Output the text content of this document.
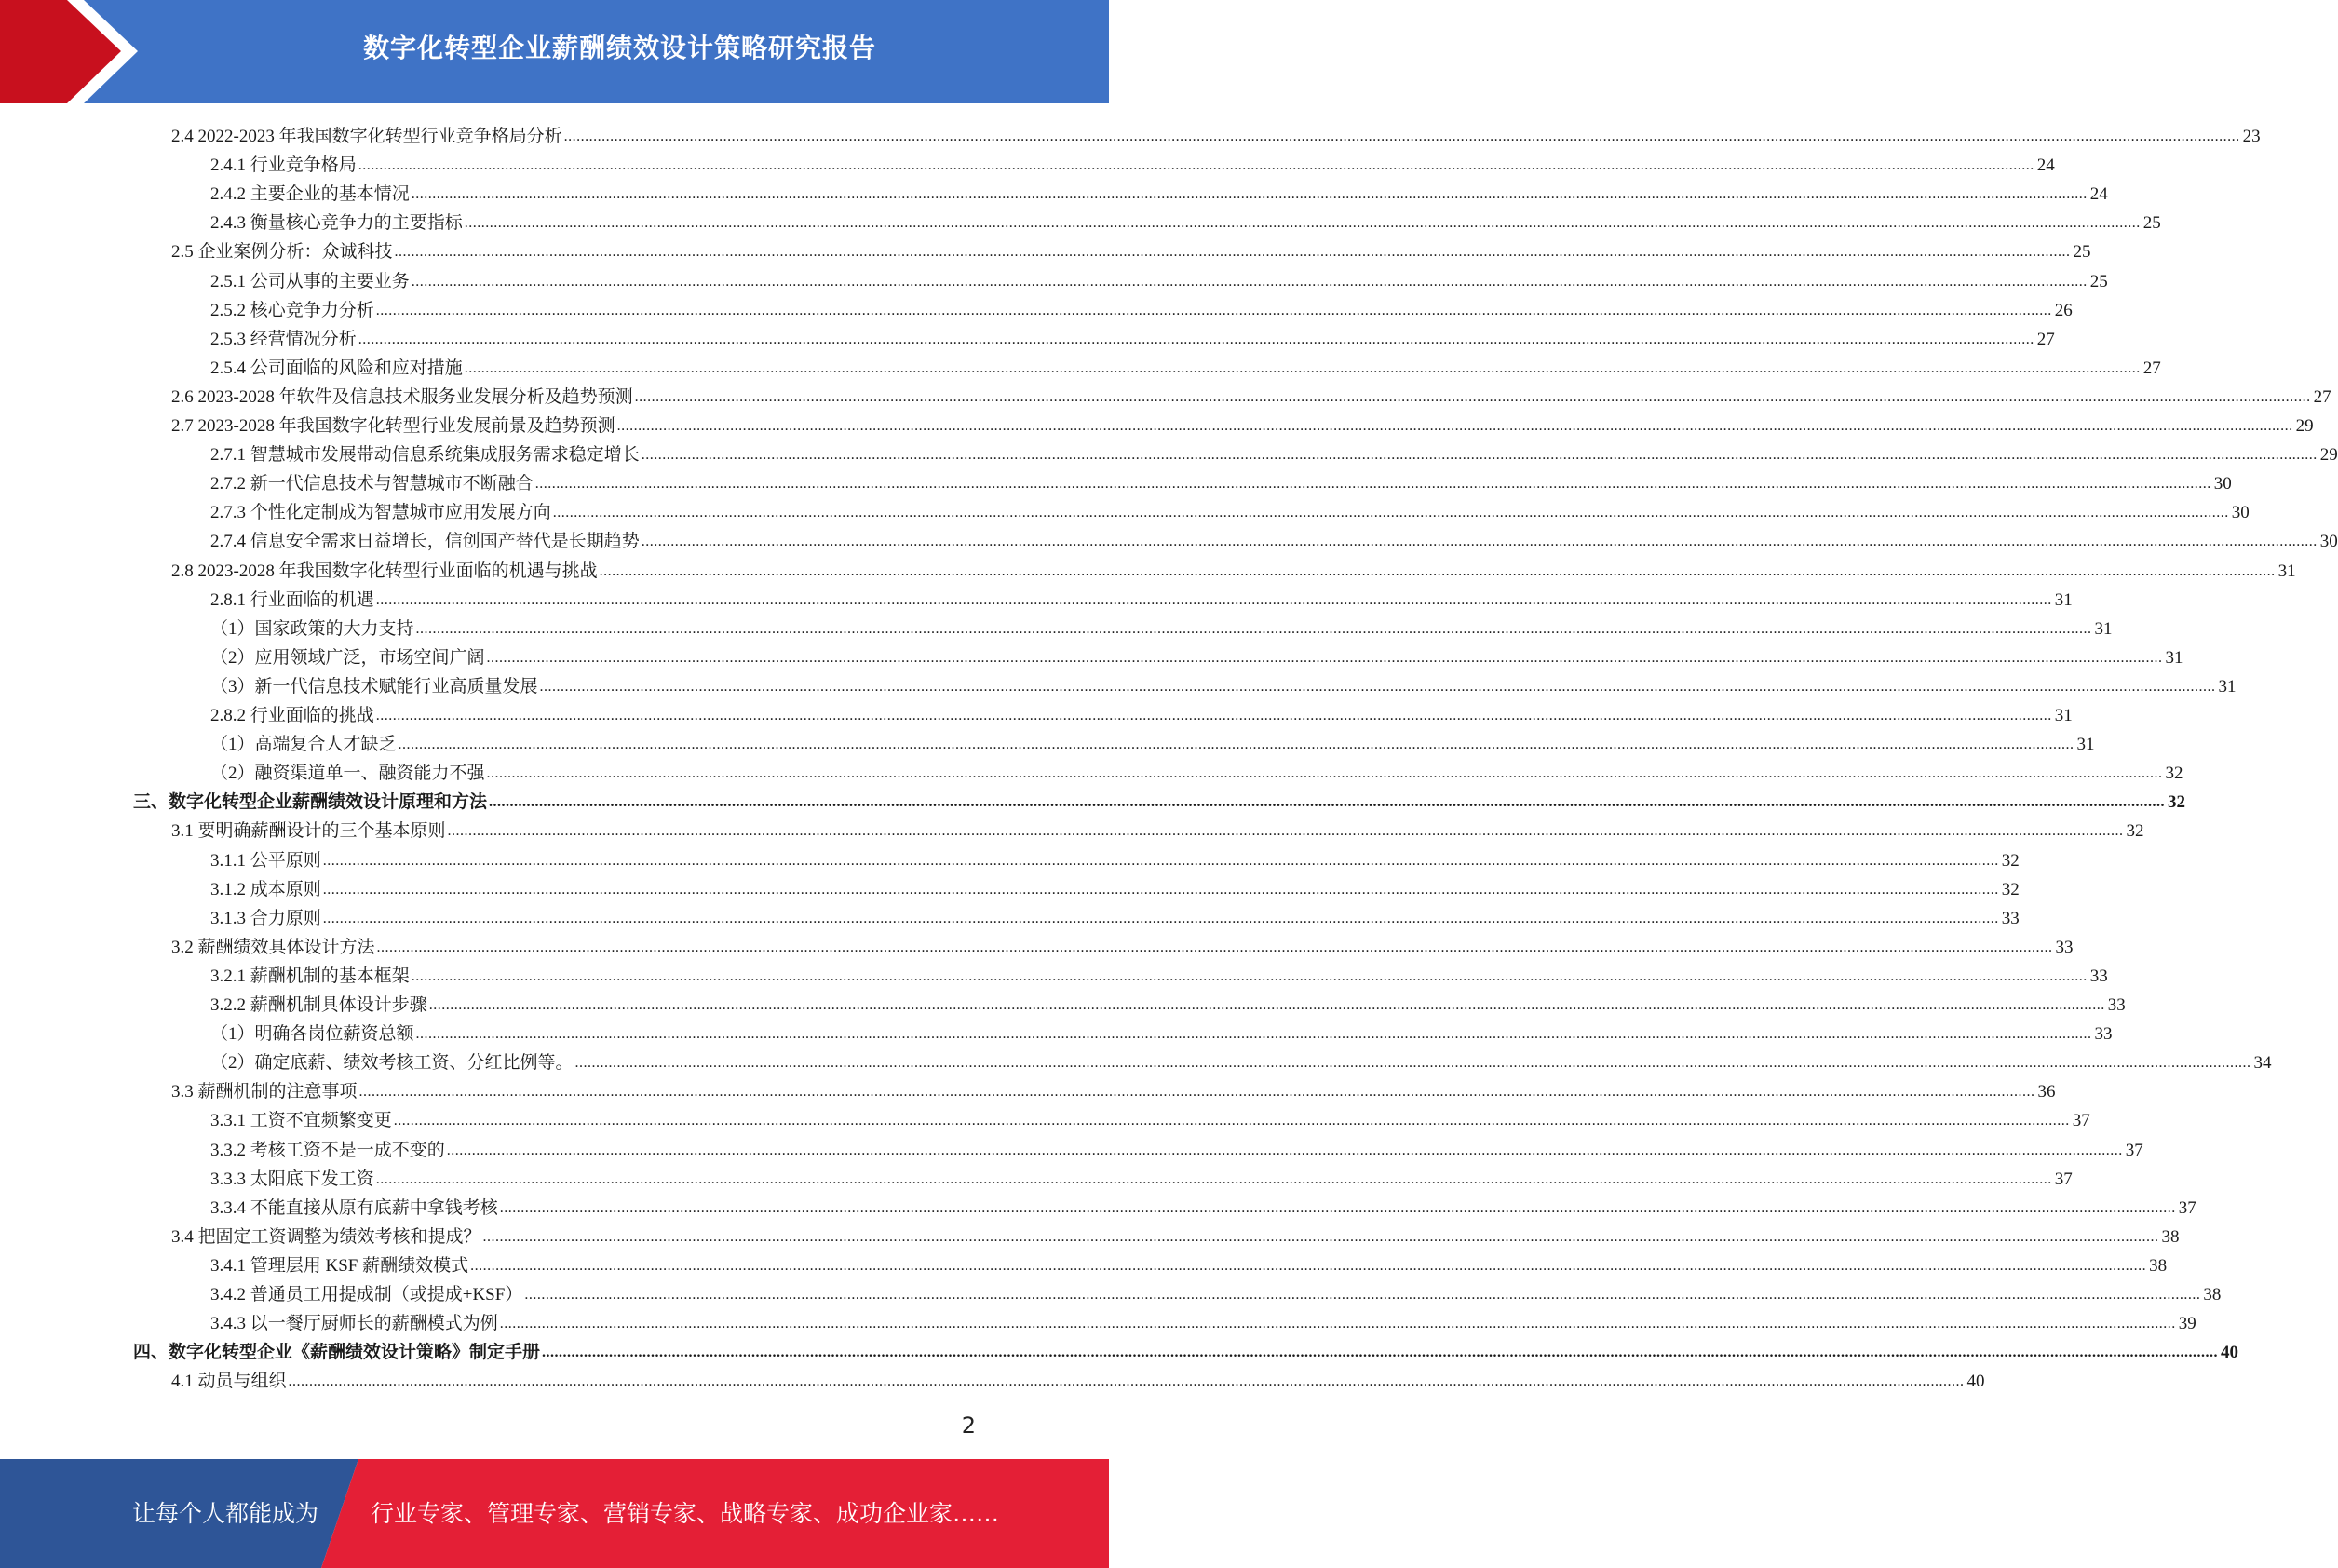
数字化转型企业薪酬绩效设计策略研究报告
2.4 2022-2023 年我国数字化转型行业竞争格局分析 ................................................................................................................................................................................................................................................................................................................................................................................................................ 23
2.4.1 行业竞争格局 ................................................................................................................................................................................................................................................................................................................................................................................................................ 24
2.4.2 主要企业的基本情况 ................................................................................................................................................................................................................................................................................................................................................................................................................ 24
2.4.3 衡量核心竞争力的主要指标 ................................................................................................................................................................................................................................................................................................................................................................................................................ 25
2.5 企业案例分析：众诚科技 ................................................................................................................................................................................................................................................................................................................................................................................................................ 25
2.5.1 公司从事的主要业务 ................................................................................................................................................................................................................................................................................................................................................................................................................ 25
2.5.2 核心竞争力分析 ................................................................................................................................................................................................................................................................................................................................................................................................................ 26
2.5.3 经营情况分析 ................................................................................................................................................................................................................................................................................................................................................................................................................ 27
2.5.4 公司面临的风险和应对措施 ................................................................................................................................................................................................................................................................................................................................................................................................................ 27
2.6 2023-2028 年软件及信息技术服务业发展分析及趋势预测 ................................................................................................................................................................................................................................................................................................................................................................................................................ 27
2.7 2023-2028 年我国数字化转型行业发展前景及趋势预测 ................................................................................................................................................................................................................................................................................................................................................................................................................ 29
2.7.1 智慧城市发展带动信息系统集成服务需求稳定增长 ................................................................................................................................................................................................................................................................................................................................................................................................................ 29
2.7.2 新一代信息技术与智慧城市不断融合 ................................................................................................................................................................................................................................................................................................................................................................................................................ 30
2.7.3 个性化定制成为智慧城市应用发展方向 ................................................................................................................................................................................................................................................................................................................................................................................................................ 30
2.7.4 信息安全需求日益增长，信创国产替代是长期趋势 ................................................................................................................................................................................................................................................................................................................................................................................................................ 30
2.8 2023-2028 年我国数字化转型行业面临的机遇与挑战 ................................................................................................................................................................................................................................................................................................................................................................................................................ 31
2.8.1 行业面临的机遇 ................................................................................................................................................................................................................................................................................................................................................................................................................ 31
（1）国家政策的大力支持 ................................................................................................................................................................................................................................................................................................................................................................................................................ 31
（2）应用领域广泛，市场空间广阔 ................................................................................................................................................................................................................................................................................................................................................................................................................ 31
（3）新一代信息技术赋能行业高质量发展 ................................................................................................................................................................................................................................................................................................................................................................................................................ 31
2.8.2 行业面临的挑战 ................................................................................................................................................................................................................................................................................................................................................................................................................ 31
（1）高端复合人才缺乏 ................................................................................................................................................................................................................................................................................................................................................................................................................ 31
（2）融资渠道单一、融资能力不强 ................................................................................................................................................................................................................................................................................................................................................................................................................ 32
三、数字化转型企业薪酬绩效设计原理和方法 ................................................................................................................................................................................................................................................................................................................................................................................................................ 32
3.1 要明确薪酬设计的三个基本原则 ................................................................................................................................................................................................................................................................................................................................................................................................................ 32
3.1.1 公平原则 ................................................................................................................................................................................................................................................................................................................................................................................................................ 32
3.1.2 成本原则 ................................................................................................................................................................................................................................................................................................................................................................................................................ 32
3.1.3 合力原则 ................................................................................................................................................................................................................................................................................................................................................................................................................ 33
3.2 薪酬绩效具体设计方法 ................................................................................................................................................................................................................................................................................................................................................................................................................ 33
3.2.1 薪酬机制的基本框架 ................................................................................................................................................................................................................................................................................................................................................................................................................ 33
3.2.2 薪酬机制具体设计步骤 ................................................................................................................................................................................................................................................................................................................................................................................................................ 33
（1）明确各岗位薪资总额 ................................................................................................................................................................................................................................................................................................................................................................................................................ 33
（2）确定底薪、绩效考核工资、分红比例等。 ................................................................................................................................................................................................................................................................................................................................................................................................................ 34
3.3 薪酬机制的注意事项 ................................................................................................................................................................................................................................................................................................................................................................................................................ 36
3.3.1 工资不宜频繁变更 ................................................................................................................................................................................................................................................................................................................................................................................................................ 37
3.3.2 考核工资不是一成不变的 ................................................................................................................................................................................................................................................................................................................................................................................................................ 37
3.3.3 太阳底下发工资 ................................................................................................................................................................................................................................................................................................................................................................................................................ 37
3.3.4 不能直接从原有底薪中拿钱考核 ................................................................................................................................................................................................................................................................................................................................................................................................................ 37
3.4 把固定工资调整为绩效考核和提成？ ................................................................................................................................................................................................................................................................................................................................................................................................................ 38
3.4.1 管理层用 KSF 薪酬绩效模式 ................................................................................................................................................................................................................................................................................................................................................................................................................ 38
3.4.2 普通员工用提成制（或提成+KSF） ................................................................................................................................................................................................................................................................................................................................................................................................................ 38
3.4.3 以一餐厅厨师长的薪酬模式为例 ................................................................................................................................................................................................................................................................................................................................................................................................................ 39
四、数字化转型企业《薪酬绩效设计策略》制定手册 ................................................................................................................................................................................................................................................................................................................................................................................................................ 40
4.1 动员与组织 ................................................................................................................................................................................................................................................................................................................................................................................................................ 40
2
让每个人都能成为 行业专家、管理专家、营销专家、战略专家、成功企业家……
